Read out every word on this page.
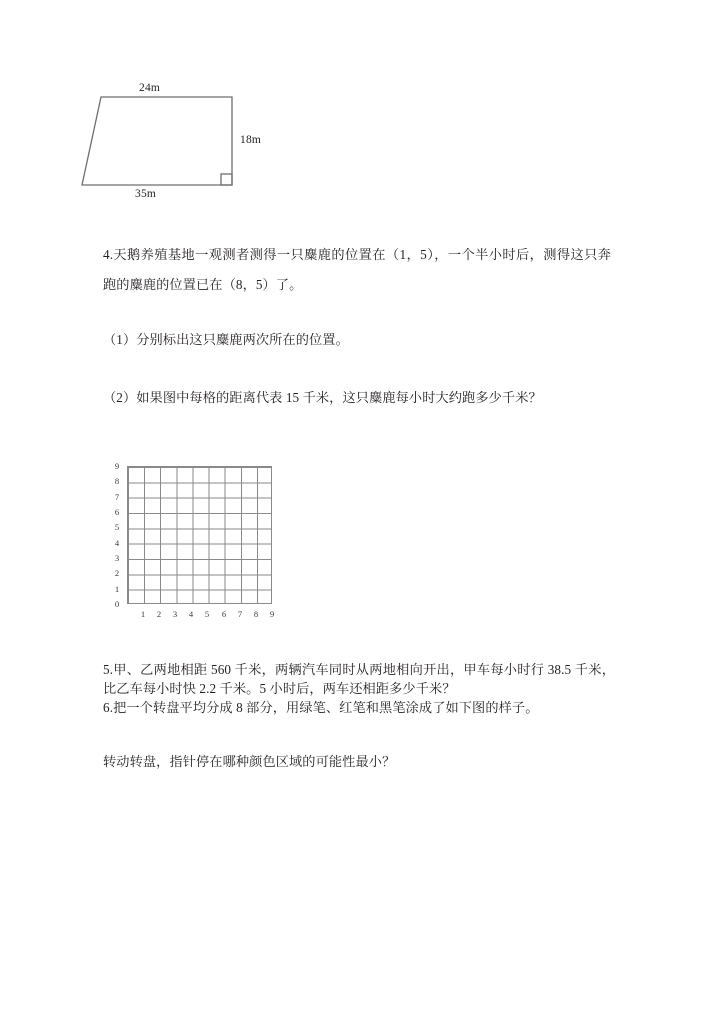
24m
18m
35m
4.天鹅养殖基地一观测者测得一只麋鹿的位置在（1，5），一个半小时后，测得这只奔跑的麋鹿的位置已在（8，5）了。
（1）分别标出这只麋鹿两次所在的位置。
（2）如果图中每格的距离代表 15 千米，这只麋鹿每小时大约跑多少千米？
9
8
7
6
5
4
3
2
1
0
1	2	3	4	5	6	7	8	9
5.甲、乙两地相距 560 千米，两辆汽车同时从两地相向开出，甲车每小时行 38.5 千米，比乙车每小时快 2.2 千米。5 小时后，两车还相距多少千米？
6.把一个转盘平均分成 8 部分，用绿笔、红笔和黑笔涂成了如下图的样子。
转动转盘，指针停在哪种颜色区域的可能性最小？
